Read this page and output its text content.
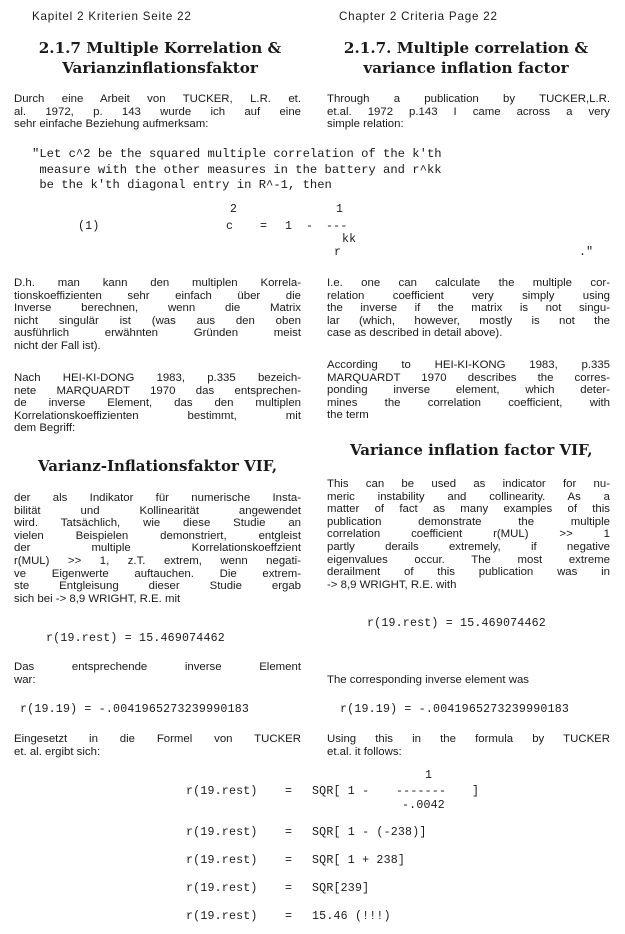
Kapitel 2 Kriterien Seite 22	Chapter 2 Criteria Page 22
2.1.7 Multiple Korrelation &
Varianzinflationsfaktor
2.1.7. Multiple correlation &
variance inflation factor
Durch eine Arbeit von TUCKER, L.R. et.
al. 1972, p. 143 wurde ich auf eine
sehr einfache Beziehung aufmerksam:
Through a publication by TUCKER,L.R.
et.al. 1972 p.143 I came across a very
simple relation:
"Let c^2 be the squared multiple correlation of the k'th
measure with the other measures in the battery and r^kk
be the k'th diagonal entry in R^-1, then
2	1
(1)	c = 1 - ---
kk
r	."
D.h. man kann den multiplen Korrela-
tionskoeffizienten sehr einfach über die
Inverse berechnen, wenn die Matrix
nicht singulär ist (was aus den oben
ausführlich erwähnten Gründen meist
nicht der Fall ist).
I.e. one can calculate the multiple cor-
relation coefficient very simply using
the inverse if the matrix is not singu-
lar (which, however, mostly is not the
case as described in detail above).
Nach HEI-KI-DONG 1983, p.335 bezeich-
nete MARQUARDT 1970 das entsprechen-
de inverse Element, das den multiplen
Korrelationskoeffizienten bestimmt, mit
dem Begriff:
According to HEI-KI-KONG 1983, p.335
MARQUARDT 1970 describes the corres-
ponding inverse element, which deter-
mines the correlation coefficient, with
the term
Varianz-Inflationsfaktor VIF,
Variance inflation factor VIF,
der als Indikator für numerische Insta-
bilität und Kollinearität angewendet
wird. Tatsächlich, wie diese Studie an
vielen Beispielen demonstriert, entgleist
der multiple Korrelationskoeffzient
r(MUL) >> 1, z.T. extrem, wenn negati-
ve Eigenwerte auftauchen. Die extrem-
ste Entgleisung dieser Studie ergab
sich bei -> 8,9 WRIGHT, R.E. mit
This can be used as indicator for nu-
meric instability and collinearity. As a
matter of fact as many examples of this
publication demonstrate the multiple
correlation coefficient r(MUL) >> 1
partly derails extremely, if negative
eigenvalues occur. The most extreme
derailment of this publication was in
-> 8,9 WRIGHT, R.E. with
r(19.rest) = 15.469074462
r(19.rest) = 15.469074462
Das entsprechende inverse Element
war:	The corresponding inverse element was
r(19.19) = -.0041965273239990183	r(19.19) = -.0041965273239990183
Eingesetzt in die Formel von TUCKER
et. al. ergibt sich:
Using this in the formula by TUCKER
et.al. it follows:
1
r(19.rest) = SQR[ 1 - ------- ]
-.0042
r(19.rest) = SQR[ 1 - (-238)]
r(19.rest) = SQR[ 1 + 238]
r(19.rest) = SQR[239]
r(19.rest) = 15.46 (!!!)
